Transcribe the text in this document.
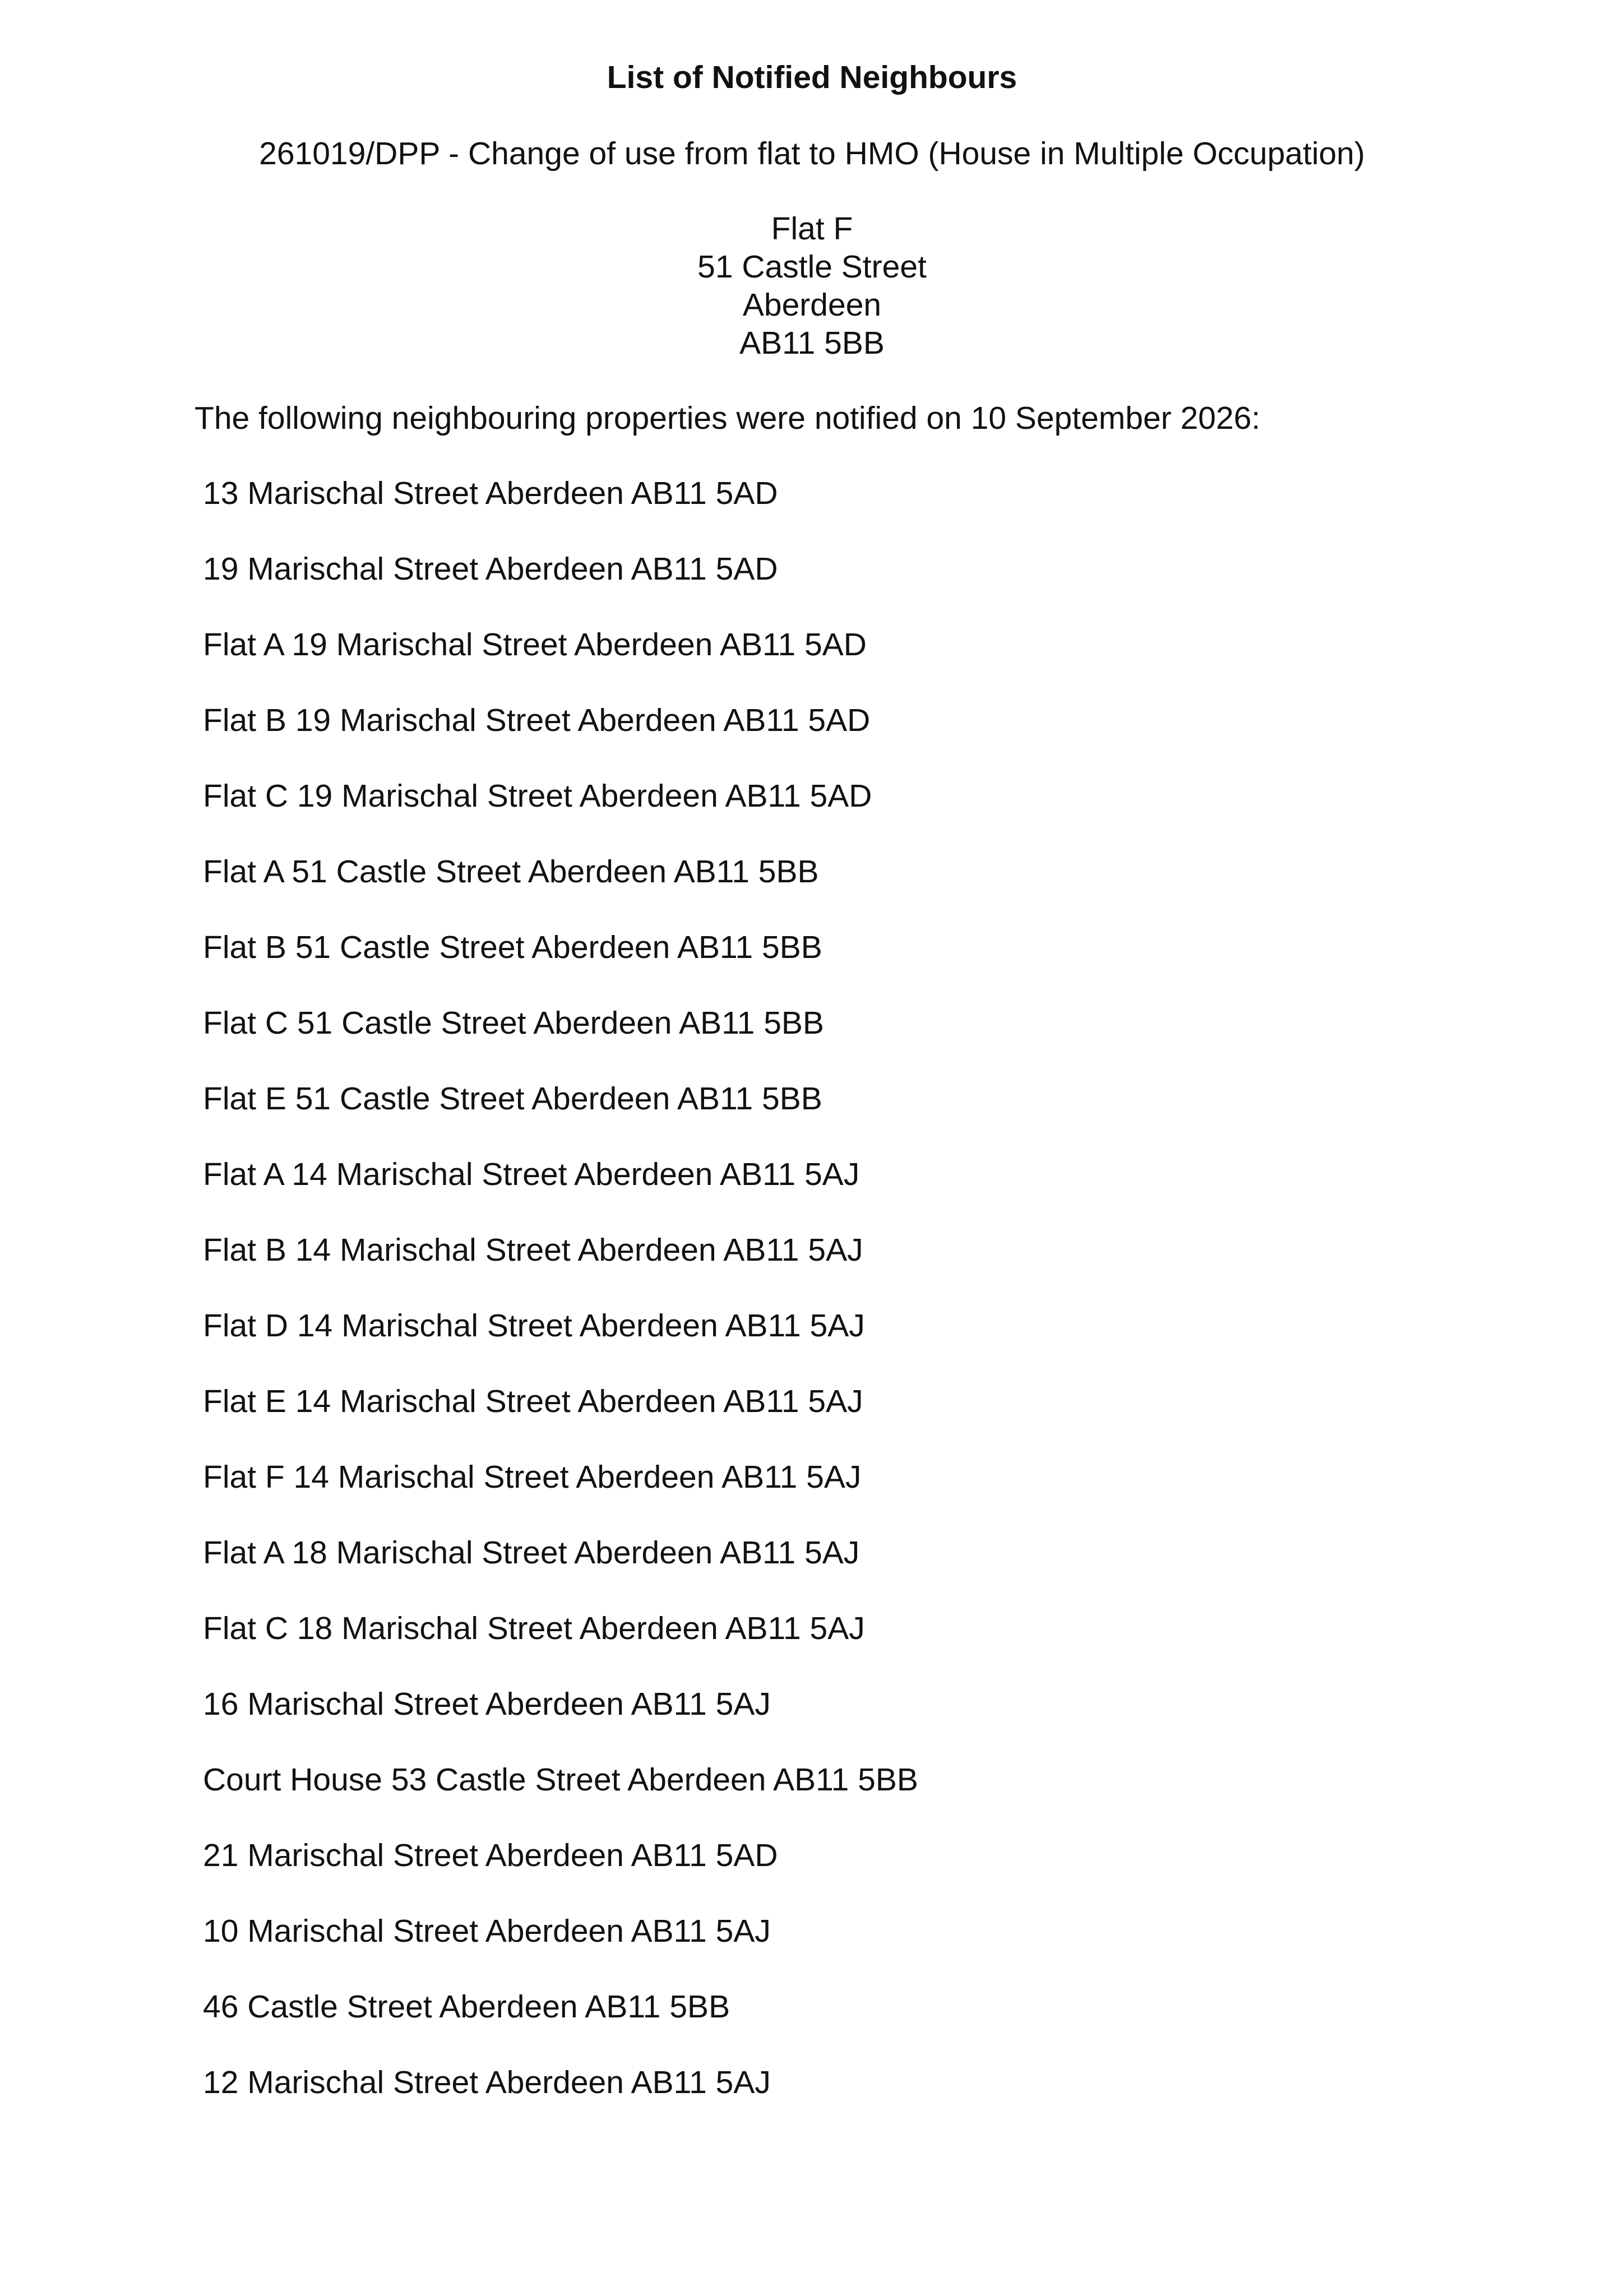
List of Notified Neighbours
261019/DPP - Change of use from flat to HMO (House in Multiple Occupation)
Flat F
51 Castle Street
Aberdeen
AB11 5BB
The following neighbouring properties were notified on 10 September 2026:
13 Marischal Street Aberdeen AB11 5AD
19 Marischal Street Aberdeen AB11 5AD
Flat A 19 Marischal Street Aberdeen AB11 5AD
Flat B 19 Marischal Street Aberdeen AB11 5AD
Flat C 19 Marischal Street Aberdeen AB11 5AD
Flat A 51 Castle Street Aberdeen AB11 5BB
Flat B 51 Castle Street Aberdeen AB11 5BB
Flat C 51 Castle Street Aberdeen AB11 5BB
Flat E 51 Castle Street Aberdeen AB11 5BB
Flat A 14 Marischal Street Aberdeen AB11 5AJ
Flat B 14 Marischal Street Aberdeen AB11 5AJ
Flat D 14 Marischal Street Aberdeen AB11 5AJ
Flat E 14 Marischal Street Aberdeen AB11 5AJ
Flat F 14 Marischal Street Aberdeen AB11 5AJ
Flat A 18 Marischal Street Aberdeen AB11 5AJ
Flat C 18 Marischal Street Aberdeen AB11 5AJ
16 Marischal Street Aberdeen AB11 5AJ
Court House 53 Castle Street Aberdeen AB11 5BB
21 Marischal Street Aberdeen AB11 5AD
10 Marischal Street Aberdeen AB11 5AJ
46 Castle Street Aberdeen AB11 5BB
12 Marischal Street Aberdeen AB11 5AJ
